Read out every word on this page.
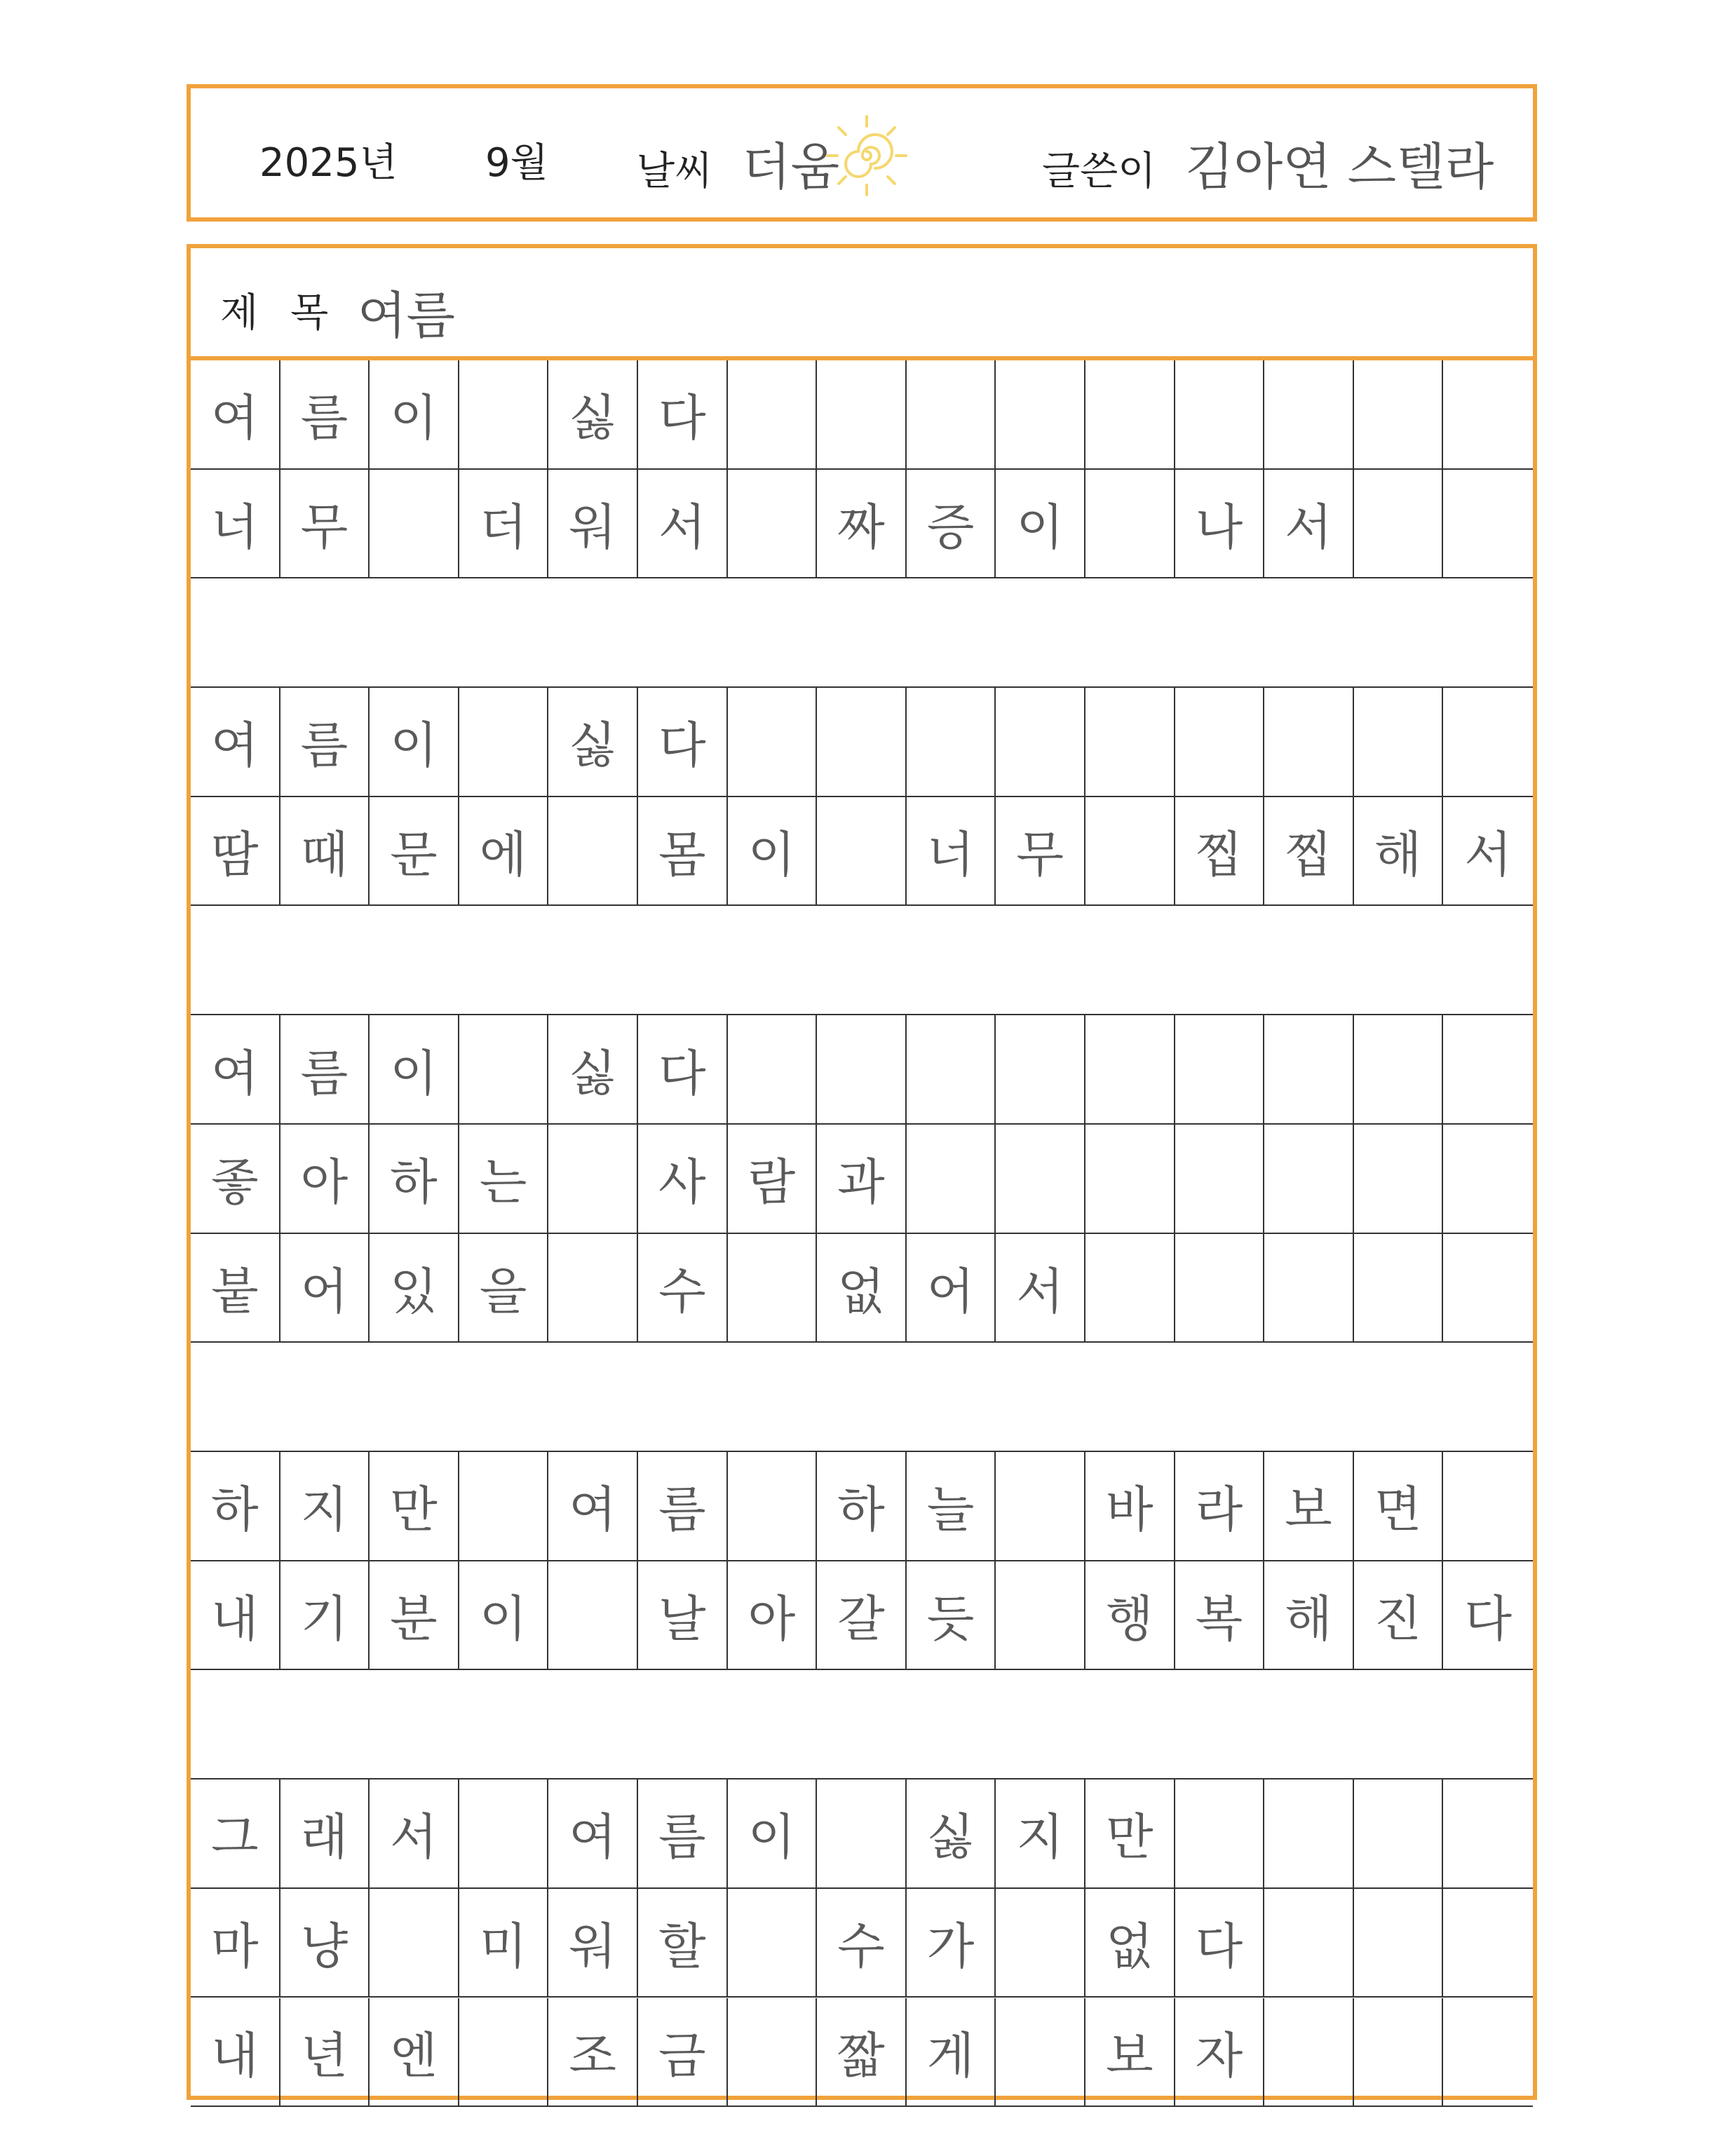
2025년 9월 날씨 더움	글쓴이 김아연 스텔라
제목
여름
여 름 이	싫 다
너 무	더 워 서	짜 증 이	나 서
여 름 이	싫 다
땀 때 문 에	몸 이	너 무	찝 찝 해 서
여 름 이	싫 다
좋 아 하 는	사 람 과
붙 어 있 을	수	없 어 서
하 지 만	여 름	하 늘	바 라 보 면
내 기 분 이	날 아 갈 듯	행 복 해 진 다
그 래 서	여 름 이	싫 지 만
마 냥	미 워 할	수 가	없 다
내 년 엔	조 금	짧 게	보 자
